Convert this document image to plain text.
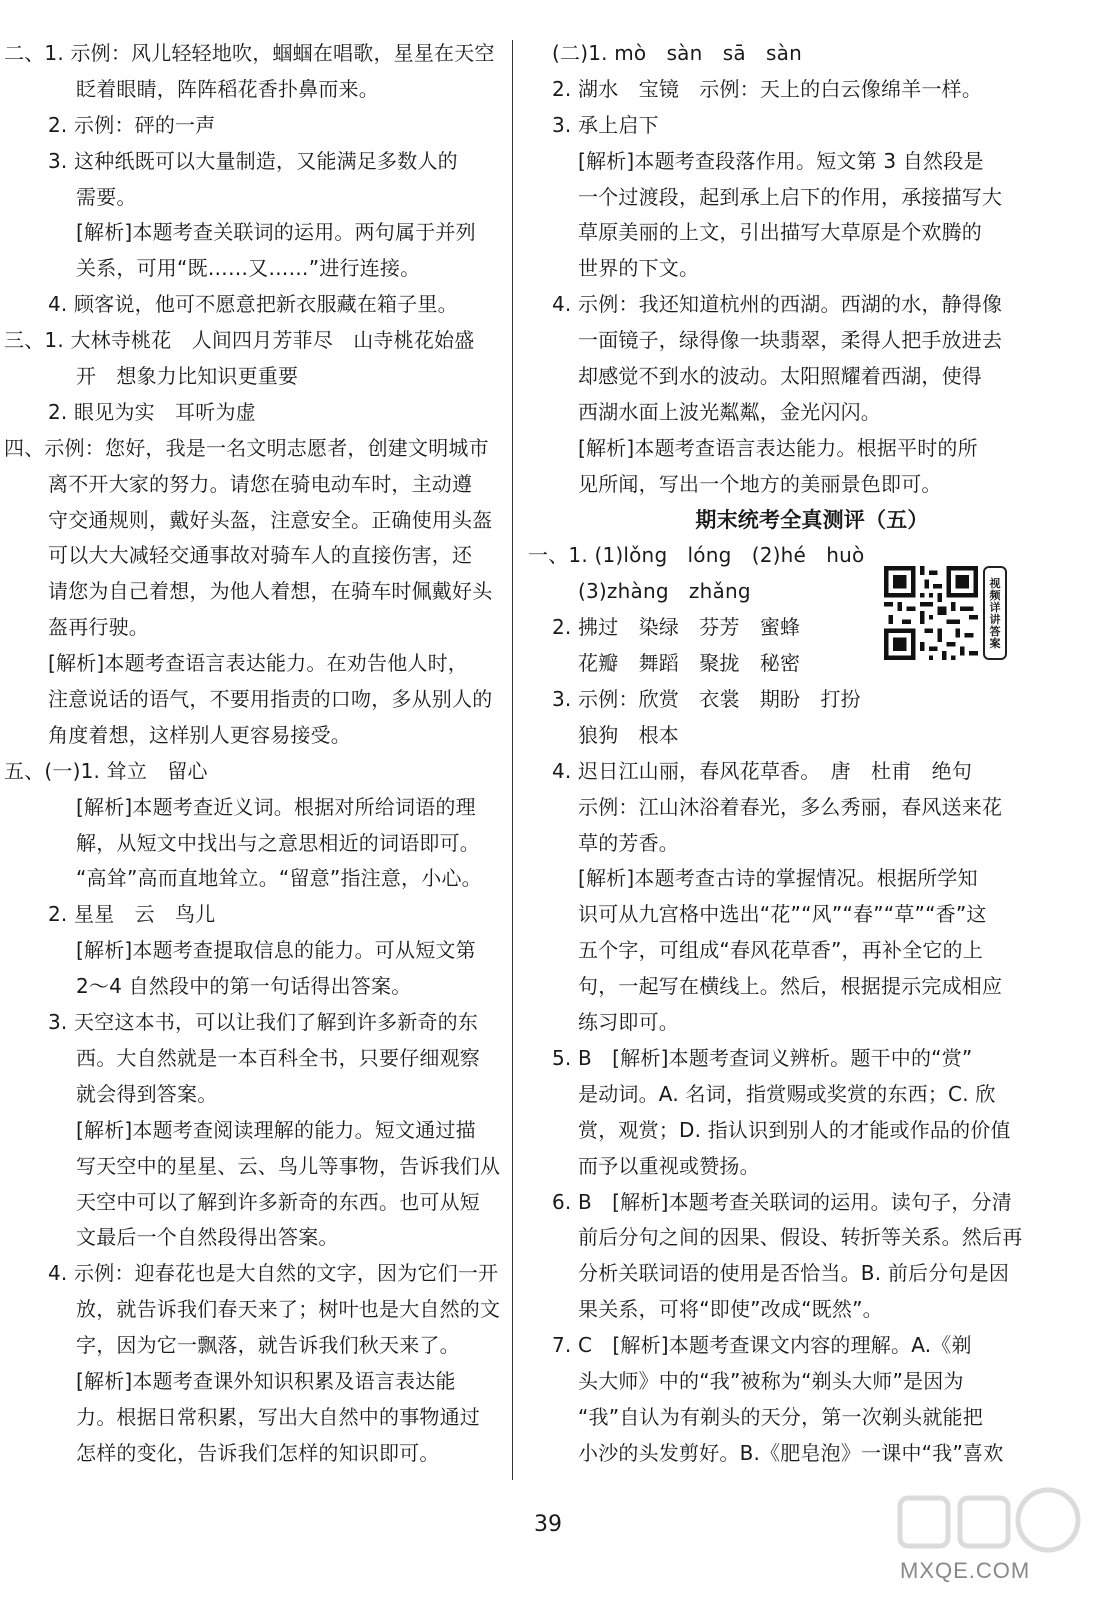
二、1. 示例：风儿轻轻地吹，蝈蝈在唱歌，星星在天空
眨着眼睛，阵阵稻花香扑鼻而来。
2. 示例：砰的一声
3. 这种纸既可以大量制造，又能满足多数人的
需要。
[解析]本题考查关联词的运用。两句属于并列
关系，可用“既……又……”进行连接。
4. 顾客说，他可不愿意把新衣服藏在箱子里。
三、1. 大林寺桃花　人间四月芳菲尽　山寺桃花始盛
开　想象力比知识更重要
2. 眼见为实　耳听为虚
四、示例：您好，我是一名文明志愿者，创建文明城市
离不开大家的努力。请您在骑电动车时，主动遵
守交通规则，戴好头盔，注意安全。正确使用头盔
可以大大减轻交通事故对骑车人的直接伤害，还
请您为自己着想，为他人着想，在骑车时佩戴好头
盔再行驶。
[解析]本题考查语言表达能力。在劝告他人时，
注意说话的语气，不要用指责的口吻，多从别人的
角度着想，这样别人更容易接受。
五、(一)1. 耸立　留心
[解析]本题考查近义词。根据对所给词语的理
解，从短文中找出与之意思相近的词语即可。
“高耸”高而直地耸立。“留意”指注意，小心。
2. 星星　云　鸟儿
[解析]本题考查提取信息的能力。可从短文第
2～4 自然段中的第一句话得出答案。
3. 天空这本书，可以让我们了解到许多新奇的东
西。大自然就是一本百科全书，只要仔细观察
就会得到答案。
[解析]本题考查阅读理解的能力。短文通过描
写天空中的星星、云、鸟儿等事物，告诉我们从
天空中可以了解到许多新奇的东西。也可从短
文最后一个自然段得出答案。
4. 示例：迎春花也是大自然的文字，因为它们一开
放，就告诉我们春天来了；树叶也是大自然的文
字，因为它一飘落，就告诉我们秋天来了。
[解析]本题考查课外知识积累及语言表达能
力。根据日常积累，写出大自然中的事物通过
怎样的变化，告诉我们怎样的知识即可。
(二)1. mò　sàn　sā　sàn
2. 湖水　宝镜　示例：天上的白云像绵羊一样。
3. 承上启下
[解析]本题考查段落作用。短文第 3 自然段是
一个过渡段，起到承上启下的作用，承接描写大
草原美丽的上文，引出描写大草原是个欢腾的
世界的下文。
4. 示例：我还知道杭州的西湖。西湖的水，静得像
一面镜子，绿得像一块翡翠，柔得人把手放进去
却感觉不到水的波动。太阳照耀着西湖，使得
西湖水面上波光粼粼，金光闪闪。
[解析]本题考查语言表达能力。根据平时的所
见所闻，写出一个地方的美丽景色即可。
期末统考全真测评（五）
一、1. (1)lǒng　lóng　(2)hé　huò
(3)zhàng　zhǎng
2. 拂过　染绿　芬芳　蜜蜂
花瓣　舞蹈　聚拢　秘密
3. 示例：欣赏　衣裳　期盼　打扮
狼狗　根本
4. 迟日江山丽，春风花草香。　唐　杜甫　绝句
示例：江山沐浴着春光，多么秀丽，春风送来花
草的芳香。
[解析]本题考查古诗的掌握情况。根据所学知
识可从九宫格中选出“花”“风”“春”“草”“香”这
五个字，可组成“春风花草香”，再补全它的上
句，一起写在横线上。然后，根据提示完成相应
练习即可。
5. B　[解析]本题考查词义辨析。题干中的“赏”
是动词。A. 名词，指赏赐或奖赏的东西；C. 欣
赏，观赏；D. 指认识到别人的才能或作品的价值
而予以重视或赞扬。
6. B　[解析]本题考查关联词的运用。读句子，分清
前后分句之间的因果、假设、转折等关系。然后再
分析关联词语的使用是否恰当。B. 前后分句是因
果关系，可将“即使”改成“既然”。
7. C　[解析]本题考查课文内容的理解。A.《剃
头大师》中的“我”被称为“剃头大师”是因为
“我”自认为有剃头的天分，第一次剃头就能把
小沙的头发剪好。B.《肥皂泡》一课中“我”喜欢
视频详讲答案
39
MXQE.COM
